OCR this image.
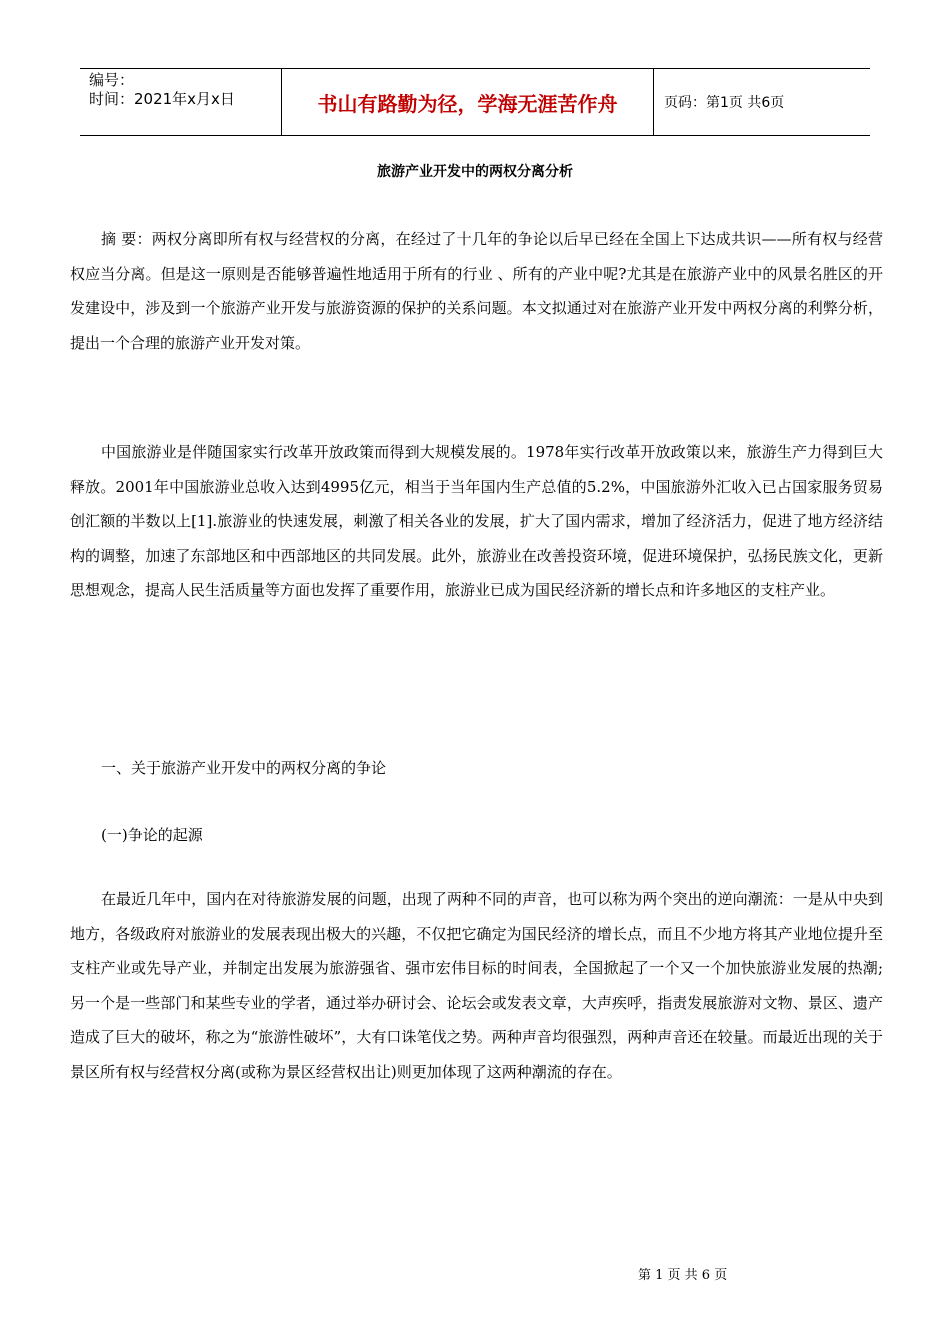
编号：
时间：2021年x月x日	书山有路勤为径，学海无涯苦作舟	页码：第1页 共6页
旅游产业开发中的两权分离分析

摘 要：两权分离即所有权与经营权的分离，在经过了十几年的争论以后早已经在全国上下达成共识——所有权与经营权应当分离。但是这一原则是否能够普遍性地适用于所有的行业 、所有的产业中呢?尤其是在旅游产业中的风景名胜区的开发建设中，涉及到一个旅游产业开发与旅游资源的保护的关系问题。本文拟通过对在旅游产业开发中两权分离的利弊分析，提出一个合理的旅游产业开发对策。

中国旅游业是伴随国家实行改革开放政策而得到大规模发展的。1978年实行改革开放政策以来，旅游生产力得到巨大释放。2001年中国旅游业总收入达到4995亿元，相当于当年国内生产总值的5.2%，中国旅游外汇收入已占国家服务贸易创汇额的半数以上[1].旅游业的快速发展，刺激了相关各业的发展，扩大了国内需求，增加了经济活力，促进了地方经济结构的调整，加速了东部地区和中西部地区的共同发展。此外，旅游业在改善投资环境，促进环境保护，弘扬民族文化，更新思想观念，提高人民生活质量等方面也发挥了重要作用，旅游业已成为国民经济新的增长点和许多地区的支柱产业。

一、关于旅游产业开发中的两权分离的争论

(一)争论的起源

在最近几年中，国内在对待旅游发展的问题，出现了两种不同的声音，也可以称为两个突出的逆向潮流：一是从中央到地方，各级政府对旅游业的发展表现出极大的兴趣，不仅把它确定为国民经济的增长点，而且不少地方将其产业地位提升至支柱产业或先导产业，并制定出发展为旅游强省、强市宏伟目标的时间表，全国掀起了一个又一个加快旅游业发展的热潮;另一个是一些部门和某些专业的学者，通过举办研讨会、论坛会或发表文章，大声疾呼，指责发展旅游对文物、景区、遗产造成了巨大的破坏，称之为“旅游性破坏”，大有口诛笔伐之势。两种声音均很强烈，两种声音还在较量。而最近出现的关于景区所有权与经营权分离(或称为景区经营权出让)则更加体现了这两种潮流的存在。

第 1 页 共 6 页
